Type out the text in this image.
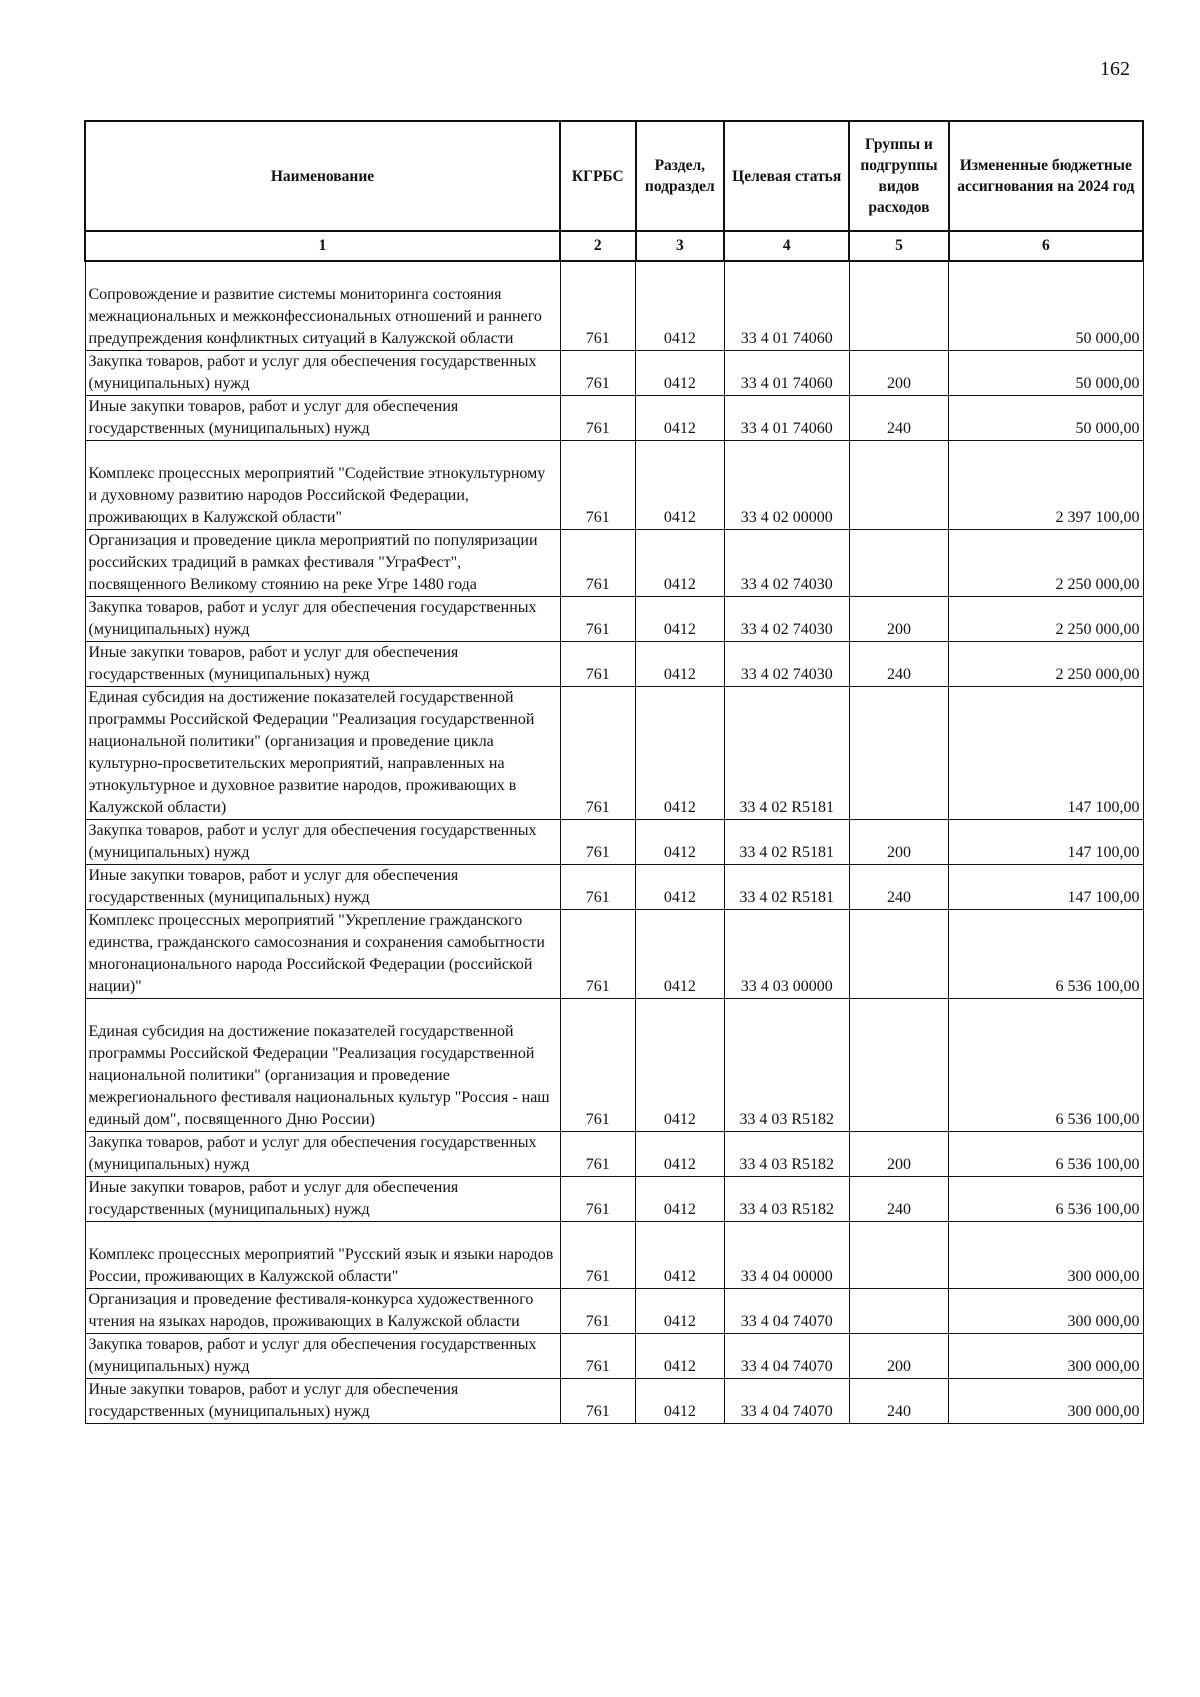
162
Наименование	КГРБС	Раздел, подраздел	Целевая статья	Группы и подгруппы видов расходов	Измененные бюджетные ассигнования на 2024 год
1	2	3	4	5	6
Сопровождение и развитие системы мониторинга состояния межнациональных и межконфессиональных отношений и раннего предупреждения конфликтных ситуаций в Калужской области	761	0412	33 4 01 74060		50 000,00
Закупка товаров, работ и услуг для обеспечения государственных (муниципальных) нужд	761	0412	33 4 01 74060	200	50 000,00
Иные закупки товаров, работ и услуг для обеспечения государственных (муниципальных) нужд	761	0412	33 4 01 74060	240	50 000,00
Комплекс процессных мероприятий "Содействие этнокультурному и духовному развитию народов Российской Федерации, проживающих в Калужской области"	761	0412	33 4 02 00000		2 397 100,00
Организация и проведение цикла мероприятий по популяризации российских традиций в рамках фестиваля "УграФест", посвященного Великому стоянию на реке Угре 1480 года	761	0412	33 4 02 74030		2 250 000,00
Закупка товаров, работ и услуг для обеспечения государственных (муниципальных) нужд	761	0412	33 4 02 74030	200	2 250 000,00
Иные закупки товаров, работ и услуг для обеспечения государственных (муниципальных) нужд	761	0412	33 4 02 74030	240	2 250 000,00
Единая субсидия на достижение показателей государственной программы Российской Федерации "Реализация государственной национальной политики" (организация и проведение цикла культурно-просветительских мероприятий, направленных на этнокультурное и духовное развитие народов, проживающих в Калужской области)	761	0412	33 4 02 R5181		147 100,00
Закупка товаров, работ и услуг для обеспечения государственных (муниципальных) нужд	761	0412	33 4 02 R5181	200	147 100,00
Иные закупки товаров, работ и услуг для обеспечения государственных (муниципальных) нужд	761	0412	33 4 02 R5181	240	147 100,00
Комплекс процессных мероприятий "Укрепление гражданского единства, гражданского самосознания и сохранения самобытности многонационального народа Российской Федерации (российской нации)"	761	0412	33 4 03 00000		6 536 100,00
Единая субсидия на достижение показателей государственной программы Российской Федерации "Реализация государственной национальной политики" (организация и проведение межрегионального фестиваля национальных культур "Россия - наш единый дом", посвященного Дню России)	761	0412	33 4 03 R5182		6 536 100,00
Закупка товаров, работ и услуг для обеспечения государственных (муниципальных) нужд	761	0412	33 4 03 R5182	200	6 536 100,00
Иные закупки товаров, работ и услуг для обеспечения государственных (муниципальных) нужд	761	0412	33 4 03 R5182	240	6 536 100,00
Комплекс процессных мероприятий "Русский язык и языки народов России, проживающих в Калужской области"	761	0412	33 4 04 00000		300 000,00
Организация и проведение фестиваля-конкурса художественного чтения на языках народов, проживающих в Калужской области	761	0412	33 4 04 74070		300 000,00
Закупка товаров, работ и услуг для обеспечения государственных (муниципальных) нужд	761	0412	33 4 04 74070	200	300 000,00
Иные закупки товаров, работ и услуг для обеспечения государственных (муниципальных) нужд	761	0412	33 4 04 74070	240	300 000,00
